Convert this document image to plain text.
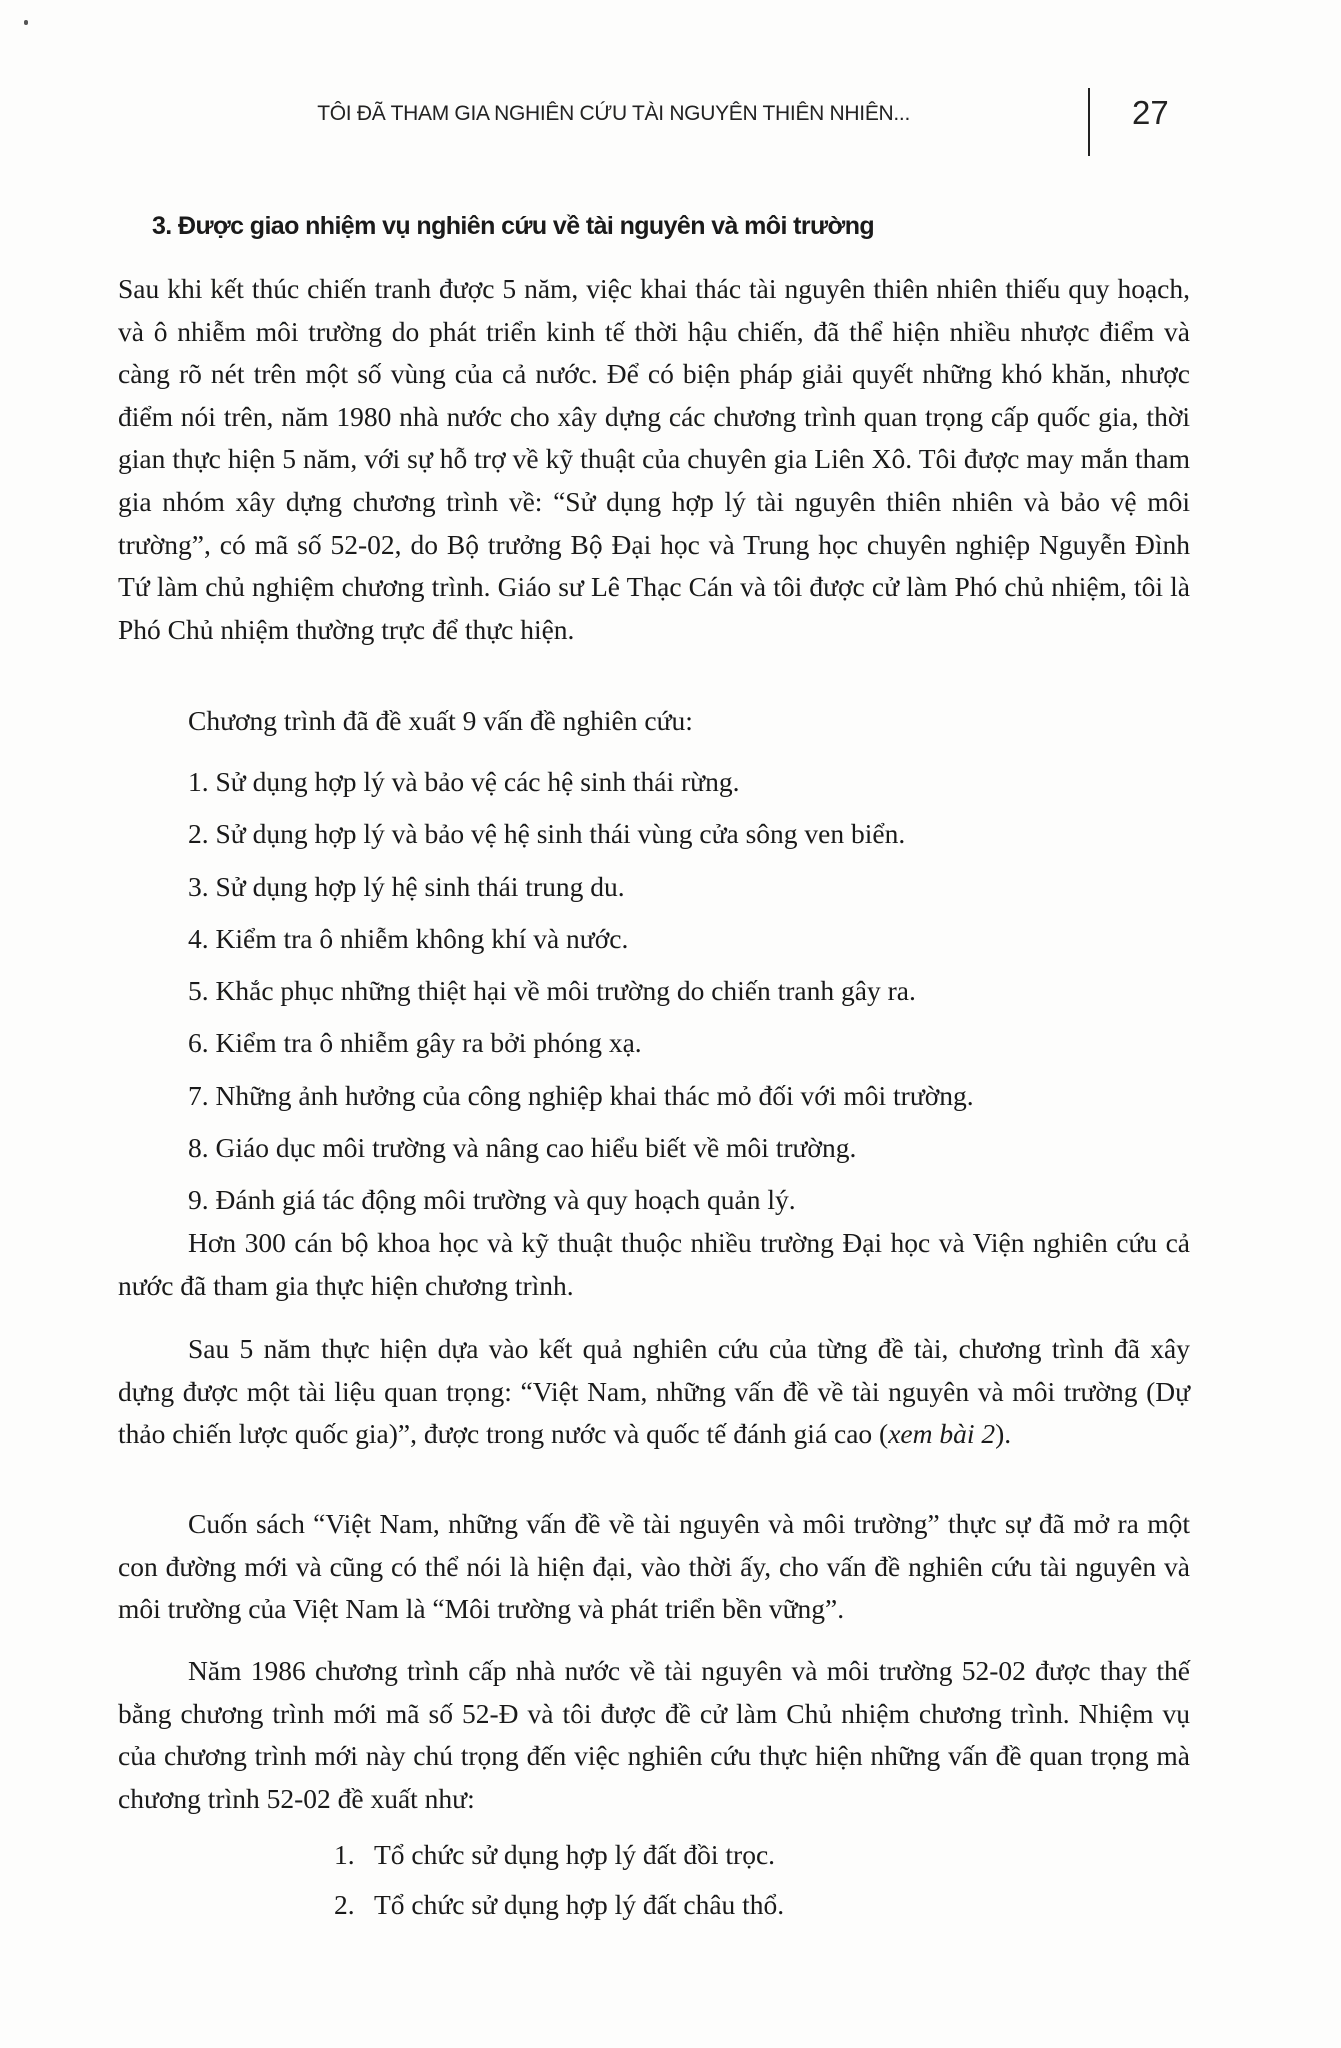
TÔI ĐÃ THAM GIA NGHIÊN CỨU TÀI NGUYÊN THIÊN NHIÊN...	27
3. Được giao nhiệm vụ nghiên cứu về tài nguyên và môi trường

Sau khi kết thúc chiến tranh được 5 năm, việc khai thác tài nguyên thiên nhiên thiếu quy hoạch, và ô nhiễm môi trường do phát triển kinh tế thời hậu chiến, đã thể hiện nhiều nhược điểm và càng rõ nét trên một số vùng của cả nước. Để có biện pháp giải quyết những khó khăn, nhược điểm nói trên, năm 1980 nhà nước cho xây dựng các chương trình quan trọng cấp quốc gia, thời gian thực hiện 5 năm, với sự hỗ trợ về kỹ thuật của chuyên gia Liên Xô. Tôi được may mắn tham gia nhóm xây dựng chương trình về: “Sử dụng hợp lý tài nguyên thiên nhiên và bảo vệ môi trường”, có mã số 52-02, do Bộ trưởng Bộ Đại học và Trung học chuyên nghiệp Nguyễn Đình Tứ làm chủ nghiệm chương trình. Giáo sư Lê Thạc Cán và tôi được cử làm Phó chủ nhiệm, tôi là Phó Chủ nhiệm thường trực để thực hiện.

Chương trình đã đề xuất 9 vấn đề nghiên cứu:

1. Sử dụng hợp lý và bảo vệ các hệ sinh thái rừng.
2. Sử dụng hợp lý và bảo vệ hệ sinh thái vùng cửa sông ven biển.
3. Sử dụng hợp lý hệ sinh thái trung du.
4. Kiểm tra ô nhiễm không khí và nước.
5. Khắc phục những thiệt hại về môi trường do chiến tranh gây ra.
6. Kiểm tra ô nhiễm gây ra bởi phóng xạ.
7. Những ảnh hưởng của công nghiệp khai thác mỏ đối với môi trường.
8. Giáo dục môi trường và nâng cao hiểu biết về môi trường.
9. Đánh giá tác động môi trường và quy hoạch quản lý.

Hơn 300 cán bộ khoa học và kỹ thuật thuộc nhiều trường Đại học và Viện nghiên cứu cả nước đã tham gia thực hiện chương trình.

Sau 5 năm thực hiện dựa vào kết quả nghiên cứu của từng đề tài, chương trình đã xây dựng được một tài liệu quan trọng: “Việt Nam, những vấn đề về tài nguyên và môi trường (Dự thảo chiến lược quốc gia)”, được trong nước và quốc tế đánh giá cao (xem bài 2).

Cuốn sách “Việt Nam, những vấn đề về tài nguyên và môi trường” thực sự đã mở ra một con đường mới và cũng có thể nói là hiện đại, vào thời ấy, cho vấn đề nghiên cứu tài nguyên và môi trường của Việt Nam là “Môi trường và phát triển bền vững”.

Năm 1986 chương trình cấp nhà nước về tài nguyên và môi trường 52-02 được thay thế bằng chương trình mới mã số 52-Đ và tôi được đề cử làm Chủ nhiệm chương trình. Nhiệm vụ của chương trình mới này chú trọng đến việc nghiên cứu thực hiện những vấn đề quan trọng mà chương trình 52-02 đề xuất như:

1. Tổ chức sử dụng hợp lý đất đồi trọc.
2. Tổ chức sử dụng hợp lý đất châu thổ.
